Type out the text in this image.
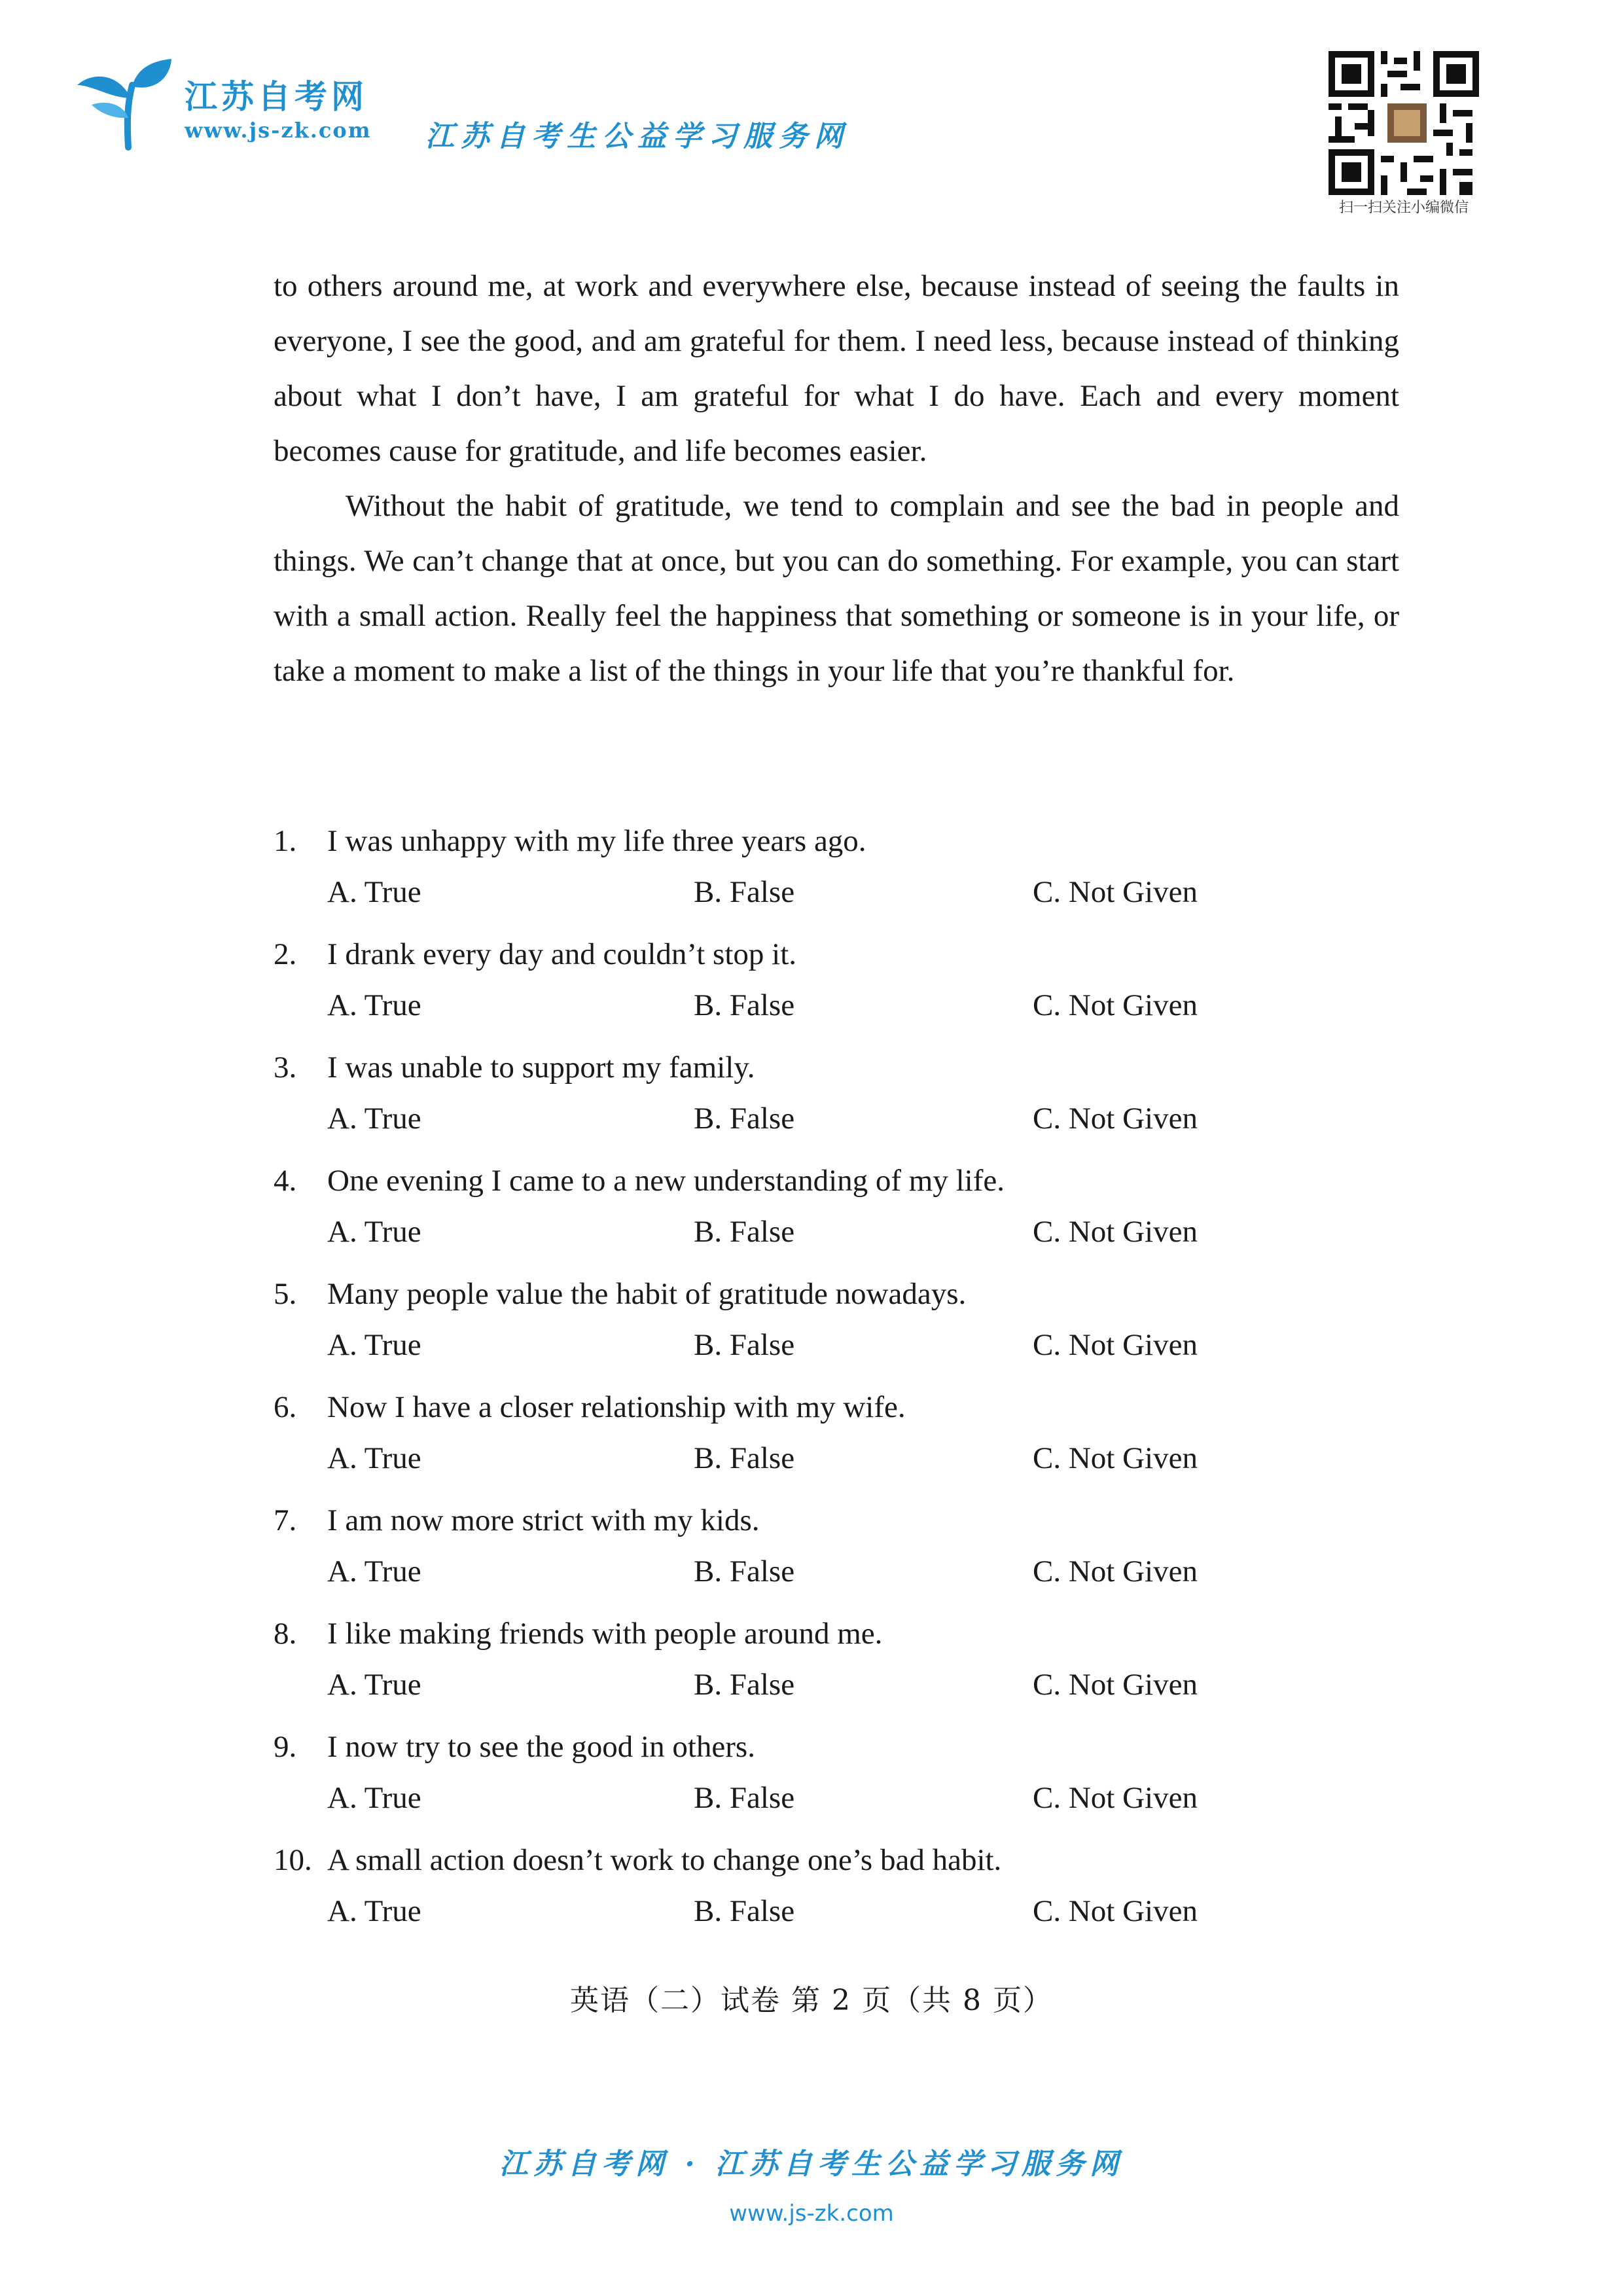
江苏自考网
www.js-zk.com 江苏自考生公益学习服务网
扫一扫关注小编微信

to others around me, at work and everywhere else, because instead of seeing the faults in everyone, I see the good, and am grateful for them. I need less, because instead of thinking about what I don’t have, I am grateful for what I do have. Each and every moment becomes cause for gratitude, and life becomes easier.

Without the habit of gratitude, we tend to complain and see the bad in people and things. We can’t change that at once, but you can do something. For example, you can start with a small action. Really feel the happiness that something or someone is in your life, or take a moment to make a list of the things in your life that you’re thankful for.

1. I was unhappy with my life three years ago.
A. True	B. False	C. Not Given
2. I drank every day and couldn’t stop it.
A. True	B. False	C. Not Given
3. I was unable to support my family.
A. True	B. False	C. Not Given
4. One evening I came to a new understanding of my life.
A. True	B. False	C. Not Given
5. Many people value the habit of gratitude nowadays.
A. True	B. False	C. Not Given
6. Now I have a closer relationship with my wife.
A. True	B. False	C. Not Given
7. I am now more strict with my kids.
A. True	B. False	C. Not Given
8. I like making friends with people around me.
A. True	B. False	C. Not Given
9. I now try to see the good in others.
A. True	B. False	C. Not Given
10. A small action doesn’t work to change one’s bad habit.
A. True	B. False	C. Not Given
英语（二）试卷 第 2 页（共 8 页）
江苏自考网 · 江苏自考生公益学习服务网
www.js-zk.com
